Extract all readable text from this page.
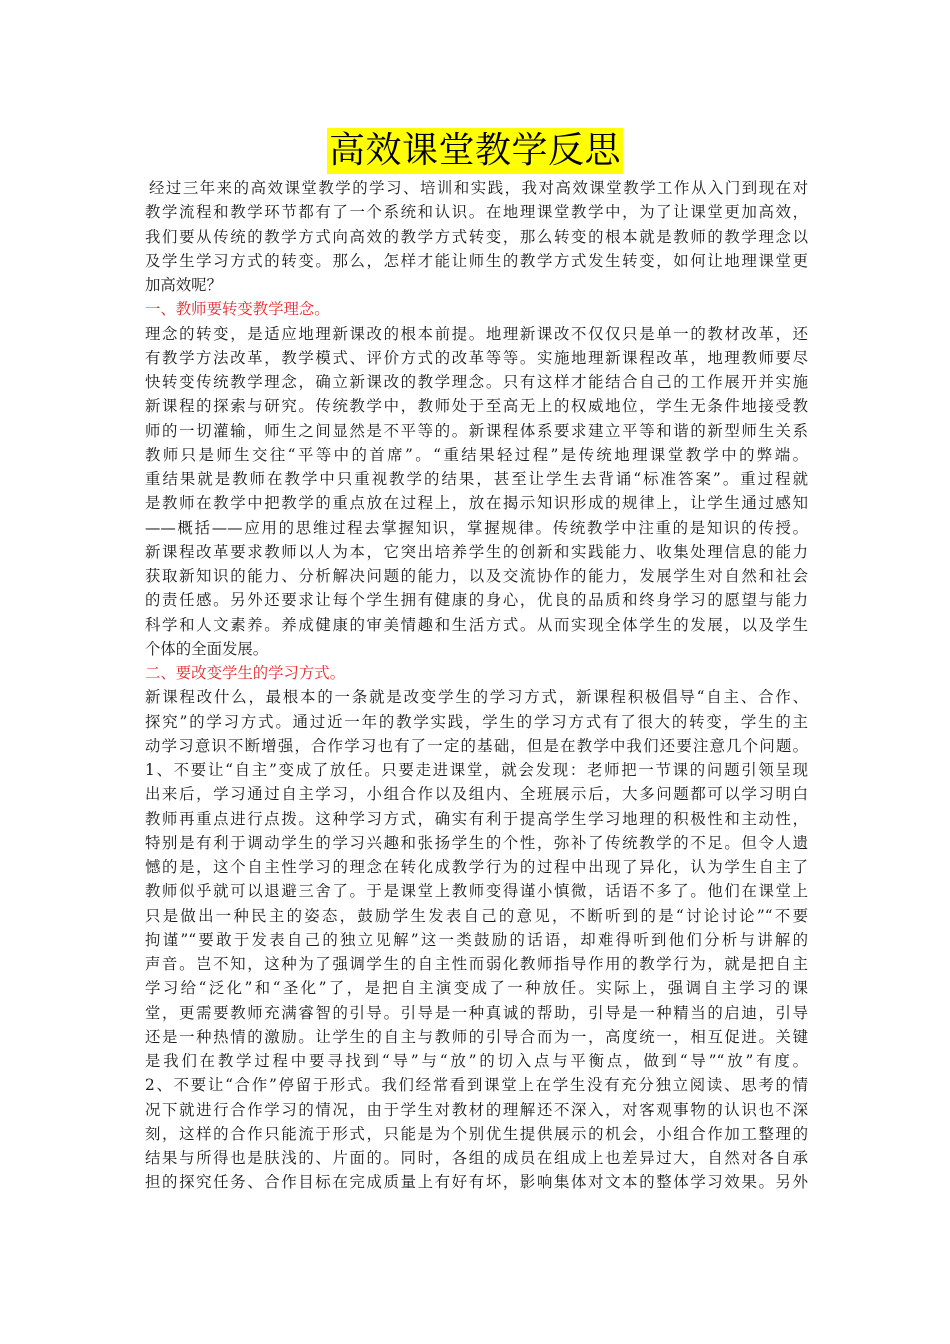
高效课堂教学反思
经过三年来的高效课堂教学的学习、培训和实践，我对高效课堂教学工作从入门到现在对
教学流程和教学环节都有了一个系统和认识。在地理课堂教学中，为了让课堂更加高效，
我们要从传统的教学方式向高效的教学方式转变，那么转变的根本就是教师的教学理念以
及学生学习方式的转变。那么，怎样才能让师生的教学方式发生转变，如何让地理课堂更
加高效呢？
一、教师要转变教学理念。
理念的转变，是适应地理新课改的根本前提。地理新课改不仅仅只是单一的教材改革，还
有教学方法改革，教学模式、评价方式的改革等等。实施地理新课程改革，地理教师要尽
快转变传统教学理念，确立新课改的教学理念。只有这样才能结合自己的工作展开并实施
新课程的探索与研究。传统教学中，教师处于至高无上的权威地位，学生无条件地接受教
师的一切灌输，师生之间显然是不平等的。新课程体系要求建立平等和谐的新型师生关系
教师只是师生交往“平等中的首席”。“重结果轻过程”是传统地理课堂教学中的弊端。
重结果就是教师在教学中只重视教学的结果，甚至让学生去背诵“标准答案”。重过程就
是教师在教学中把教学的重点放在过程上，放在揭示知识形成的规律上，让学生通过感知
——概括——应用的思维过程去掌握知识，掌握规律。传统教学中注重的是知识的传授。
新课程改革要求教师以人为本，它突出培养学生的创新和实践能力、收集处理信息的能力
获取新知识的能力、分析解决问题的能力，以及交流协作的能力，发展学生对自然和社会
的责任感。另外还要求让每个学生拥有健康的身心，优良的品质和终身学习的愿望与能力
科学和人文素养。养成健康的审美情趣和生活方式。从而实现全体学生的发展，以及学生
个体的全面发展。
二、要改变学生的学习方式。
新课程改什么，最根本的一条就是改变学生的学习方式，新课程积极倡导“自主、合作、
探究”的学习方式。通过近一年的教学实践，学生的学习方式有了很大的转变，学生的主
动学习意识不断增强，合作学习也有了一定的基础，但是在教学中我们还要注意几个问题。
1、不要让“自主”变成了放任。只要走进课堂，就会发现：老师把一节课的问题引领呈现
出来后，学习通过自主学习，小组合作以及组内、全班展示后，大多问题都可以学习明白
教师再重点进行点拨。这种学习方式，确实有利于提高学生学习地理的积极性和主动性，
特别是有利于调动学生的学习兴趣和张扬学生的个性，弥补了传统教学的不足。但令人遗
憾的是，这个自主性学习的理念在转化成教学行为的过程中出现了异化，认为学生自主了
教师似乎就可以退避三舍了。于是课堂上教师变得谨小慎微，话语不多了。他们在课堂上
只是做出一种民主的姿态，鼓励学生发表自己的意见，不断听到的是“讨论讨论”“不要
拘谨”“要敢于发表自己的独立见解”这一类鼓励的话语，却难得听到他们分析与讲解的
声音。岂不知，这种为了强调学生的自主性而弱化教师指导作用的教学行为，就是把自主
学习给“泛化”和“圣化”了，是把自主演变成了一种放任。实际上，强调自主学习的课
堂，更需要教师充满睿智的引导。引导是一种真诚的帮助，引导是一种精当的启迪，引导
还是一种热情的激励。让学生的自主与教师的引导合而为一，高度统一，相互促进。关键
是我们在教学过程中要寻找到“导”与“放”的切入点与平衡点，做到“导”“放”有度。
2、不要让“合作”停留于形式。我们经常看到课堂上在学生没有充分独立阅读、思考的情
况下就进行合作学习的情况，由于学生对教材的理解还不深入，对客观事物的认识也不深
刻，这样的合作只能流于形式，只能是为个别优生提供展示的机会，小组合作加工整理的
结果与所得也是肤浅的、片面的。同时，各组的成员在组成上也差异过大，自然对各自承
担的探究任务、合作目标在完成质量上有好有坏，影响集体对文本的整体学习效果。另外
